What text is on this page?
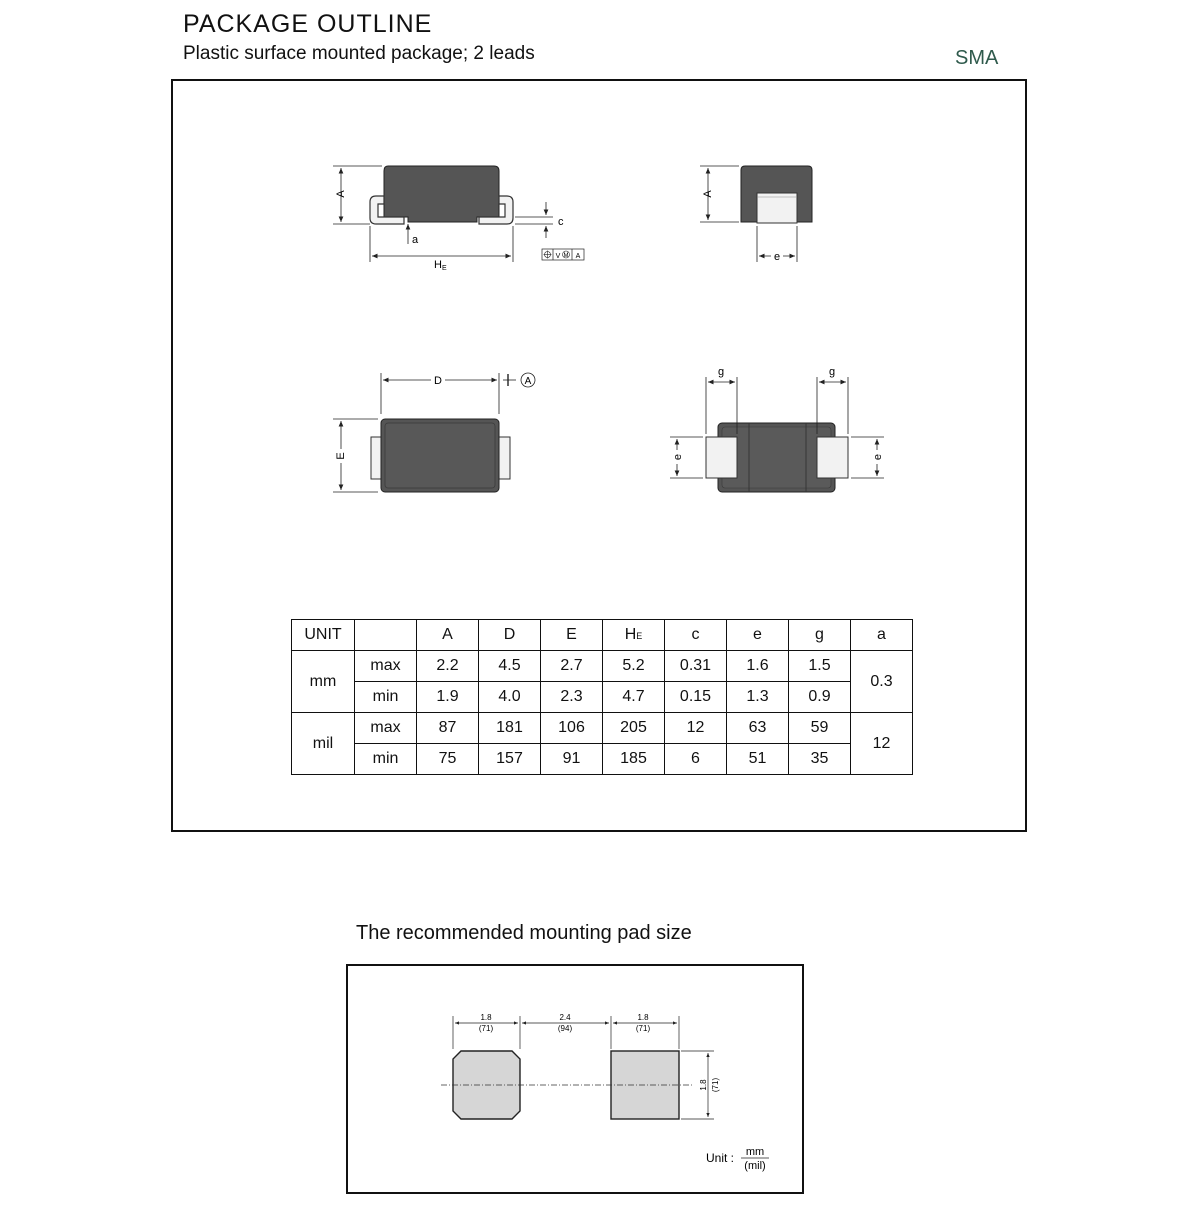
PACKAGE OUTLINE
Plastic surface mounted package; 2 leads	SMA
A
c
a
H E
V M A
A
e
D	A
E
g	g
e	e
UNIT		A	D	E	HE	c	e	g	a
mm	max	2.2	4.5	2.7	5.2	0.31	1.6	1.5	0.3
	min	1.9	4.0	2.3	4.7	0.15	1.3	0.9	
mil	max	87	181	106	205	12	63	59	12
	min	75	157	91	185	6	51	35	
The recommended mounting pad size
1.8
(71)
2.4
(94)
1.8
(71)
1.8 (71)
Unit : mm
(mil)
